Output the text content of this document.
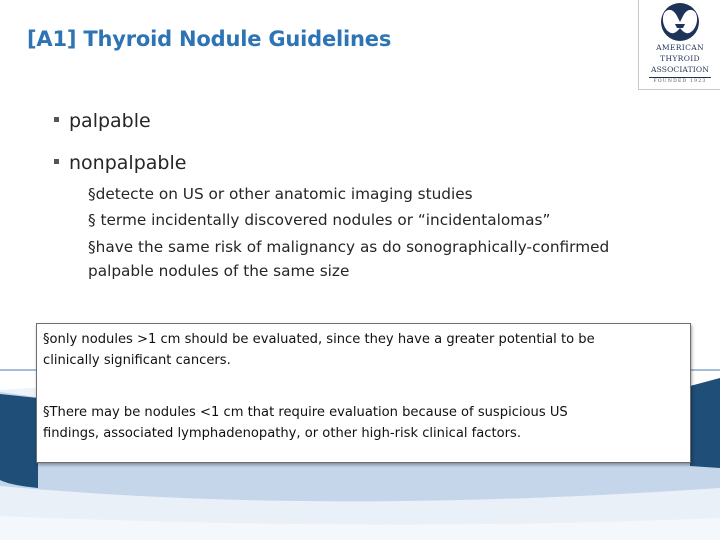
[A1] Thyroid Nodule Guidelines	AMERICAN
THYROID
ASSOCIATION
FOUNDED 1923
palpable
nonpalpable
§detecte on US or other anatomic imaging studies
§ terme incidentally discovered nodules or “incidentalomas”
§have the same risk of malignancy as do sonographically-confirmed
palpable nodules of the same size
§only nodules >1 cm should be evaluated, since they have a greater potential to be
clinically significant cancers.
§There may be nodules <1 cm that require evaluation because of suspicious US
findings, associated lymphadenopathy, or other high-risk clinical factors.
